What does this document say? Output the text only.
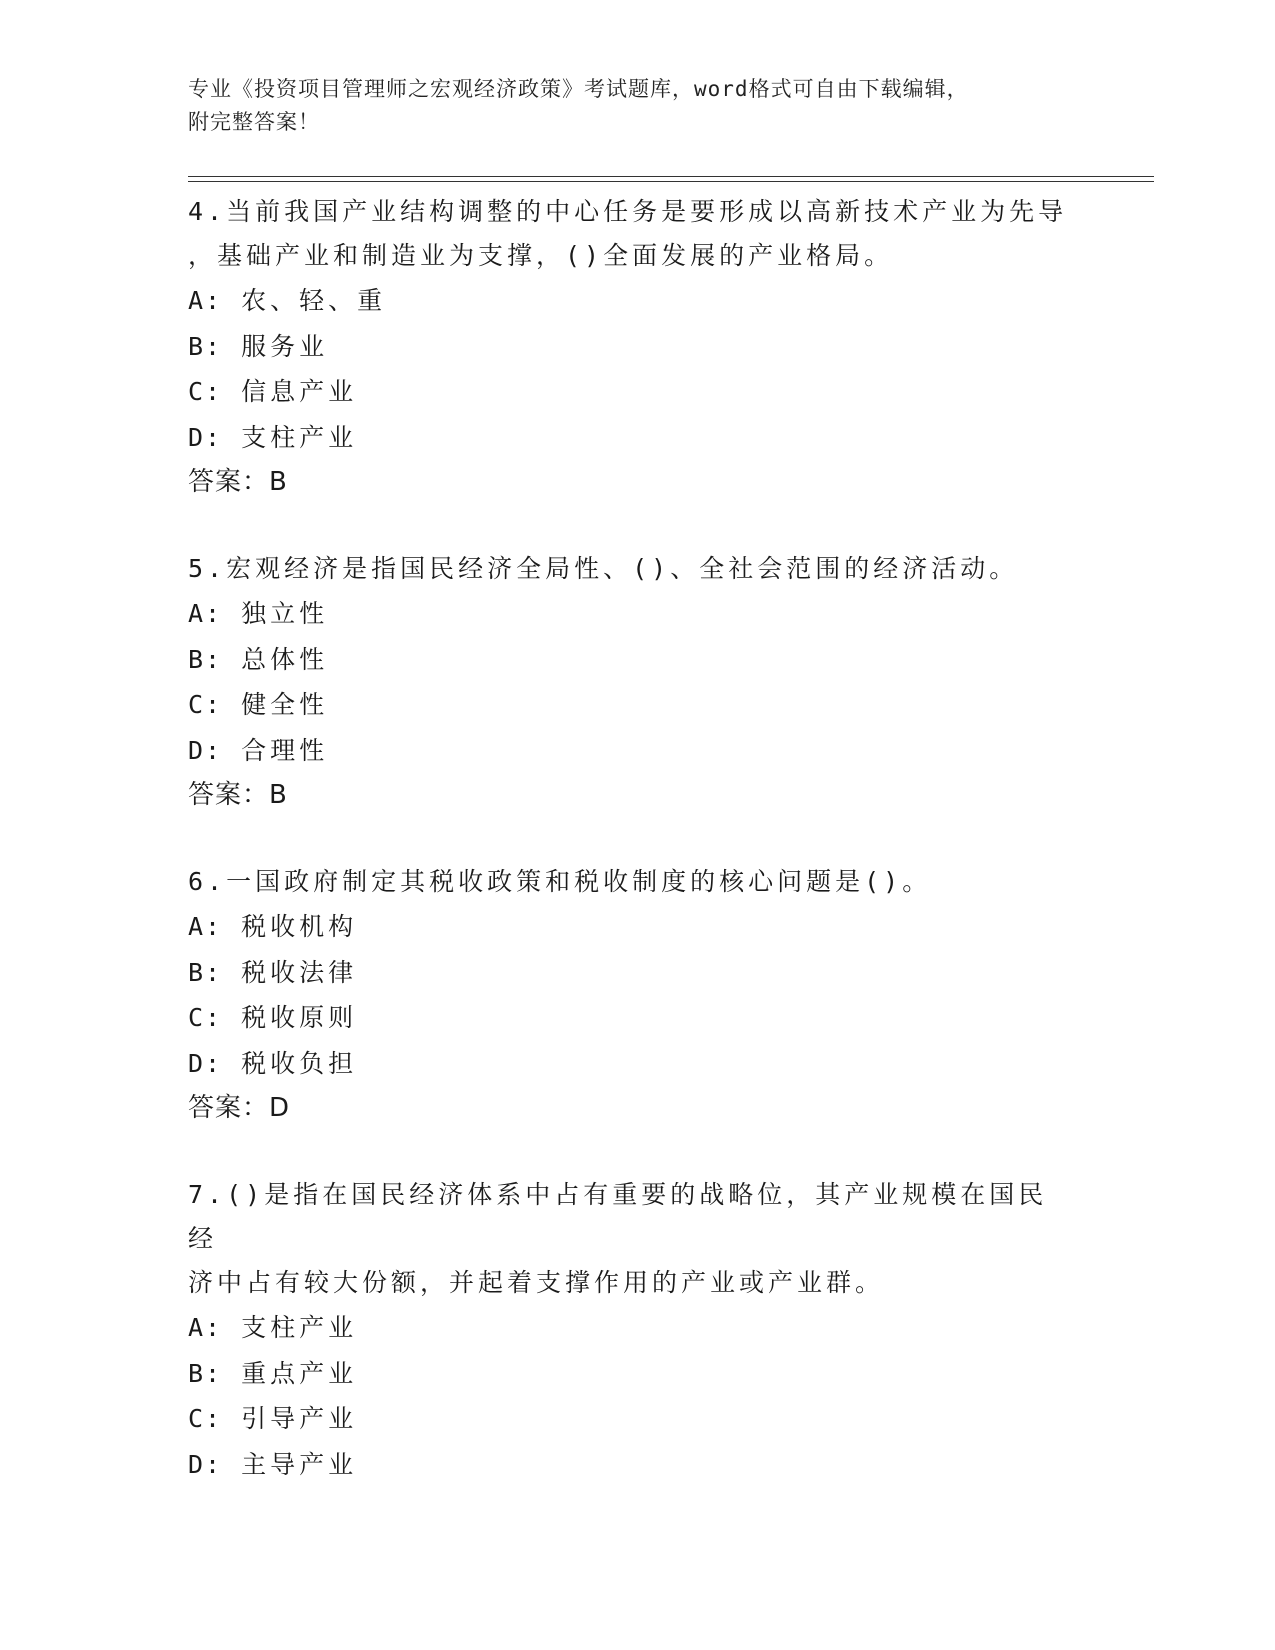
专业《投资项目管理师之宏观经济政策》考试题库，word格式可自由下载编辑，
附完整答案！
4.当前我国产业结构调整的中心任务是要形成以高新技术产业为先导
，基础产业和制造业为支撑，()全面发展的产业格局。
A: 农、轻、重
B: 服务业
C: 信息产业
D: 支柱产业
答案：B
5.宏观经济是指国民经济全局性、()、全社会范围的经济活动。
A: 独立性
B: 总体性
C: 健全性
D: 合理性
答案：B
6.一国政府制定其税收政策和税收制度的核心问题是()。
A: 税收机构
B: 税收法律
C: 税收原则
D: 税收负担
答案：D
7.()是指在国民经济体系中占有重要的战略位，其产业规模在国民经
济中占有较大份额，并起着支撑作用的产业或产业群。
A: 支柱产业
B: 重点产业
C: 引导产业
D: 主导产业
